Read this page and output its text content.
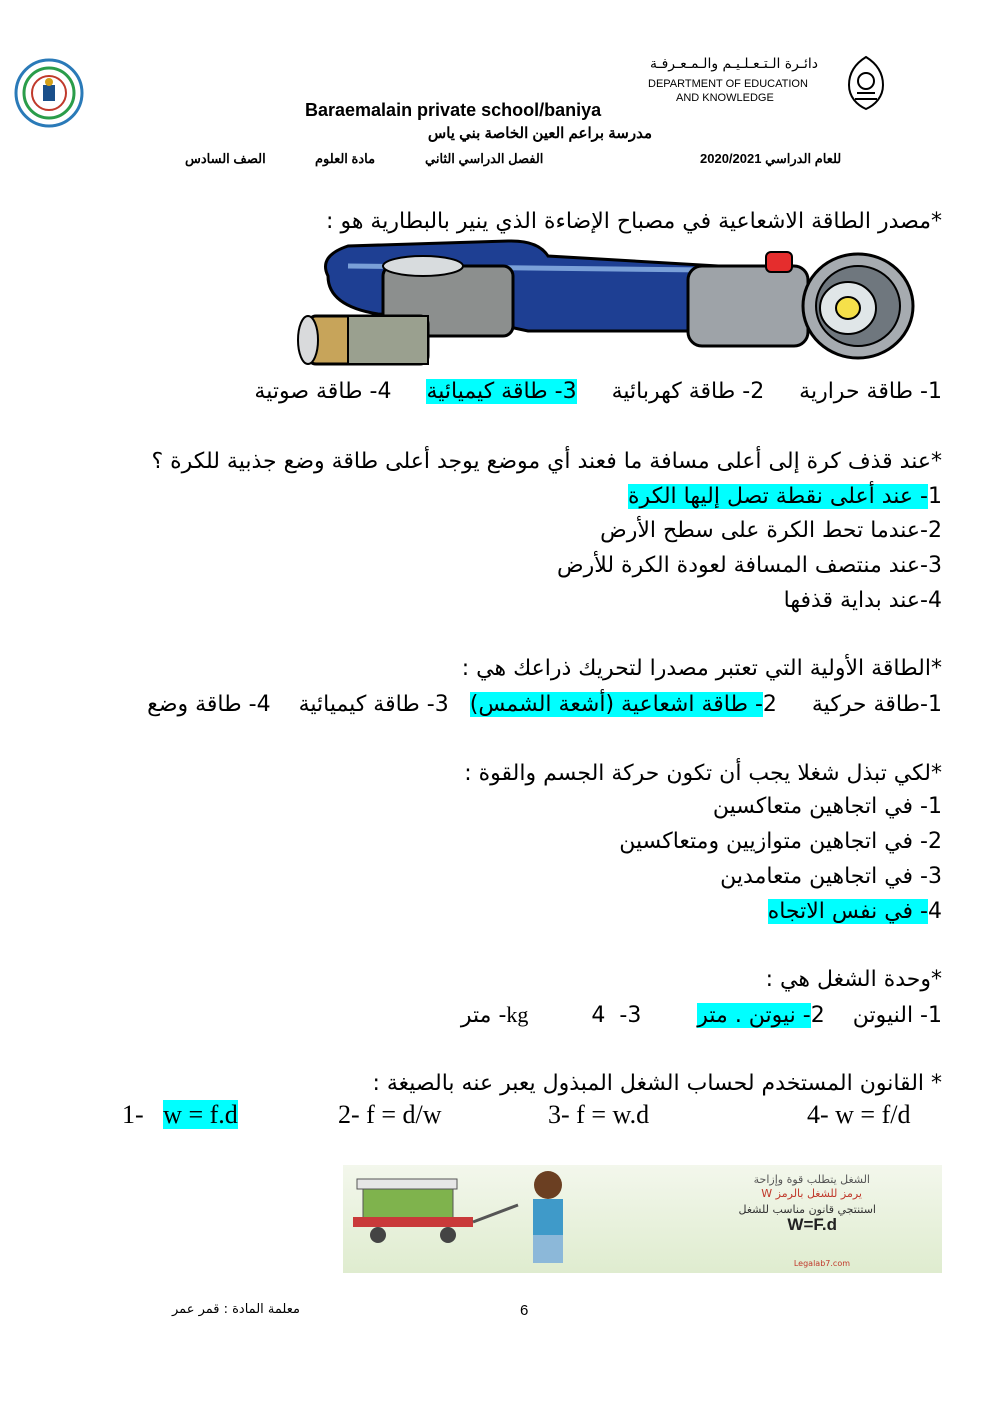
Baraemalain private school/baniya
مدرسة براعم العين الخاصة بني ياس
دائـرة الـتـعـلـيـم والـمـعـرفـة
DEPARTMENT OF EDUCATION
AND KNOWLEDGE
الصف السادس	مادة العلوم	الفصل الدراسي الثاني	للعام الدراسي 2020/2021
*مصدر الطاقة الاشعاعية في مصباح الإضاءة الذي ينير بالبطارية هو :
1- طاقة حرارية     2- طاقة كهربائية     3- طاقة كيميائية     4- طاقة صوتية
*عند قذف كرة إلى أعلى مسافة ما فعند أي موضع يوجد أعلى طاقة وضع جذبية للكرة ؟
1- عند أعلى نقطة تصل إليها الكرة
2-عندما تحط الكرة على سطح الأرض
3-عند منتصف المسافة لعودة الكرة للأرض
4-عند بداية قذفها
*الطاقة الأولية التي تعتبر مصدرا لتحريك ذراعك هي :
1-طاقة حركية     2- طاقة اشعاعية (أشعة الشمس)   3- طاقة كيميائية    4- طاقة وضع
*لكي تبذل شغلا يجب أن تكون حركة الجسم والقوة :
1- في اتجاهين متعاكسين
2- في اتجاهين متوازيين ومتعاكسين
3- في اتجاهين متعامدين
4- في نفس الاتجاه
*وحدة الشغل هي :
1- النيوتن    2- نيوتن . متر        3-  kg         4- متر
* القانون المستخدم لحساب الشغل المبذول يعبر عنه بالصيغة :
1- w = f.d	2- f = d/w	3- f = w.d	4- w = f/d
الشغل يتطلب قوة وإزاحة
يرمز للشغل بالرمز W
استنتجي قانون مناسب للشغل
W=F.d
Legalab7.com
6
معلمة المادة : قمر عمر
